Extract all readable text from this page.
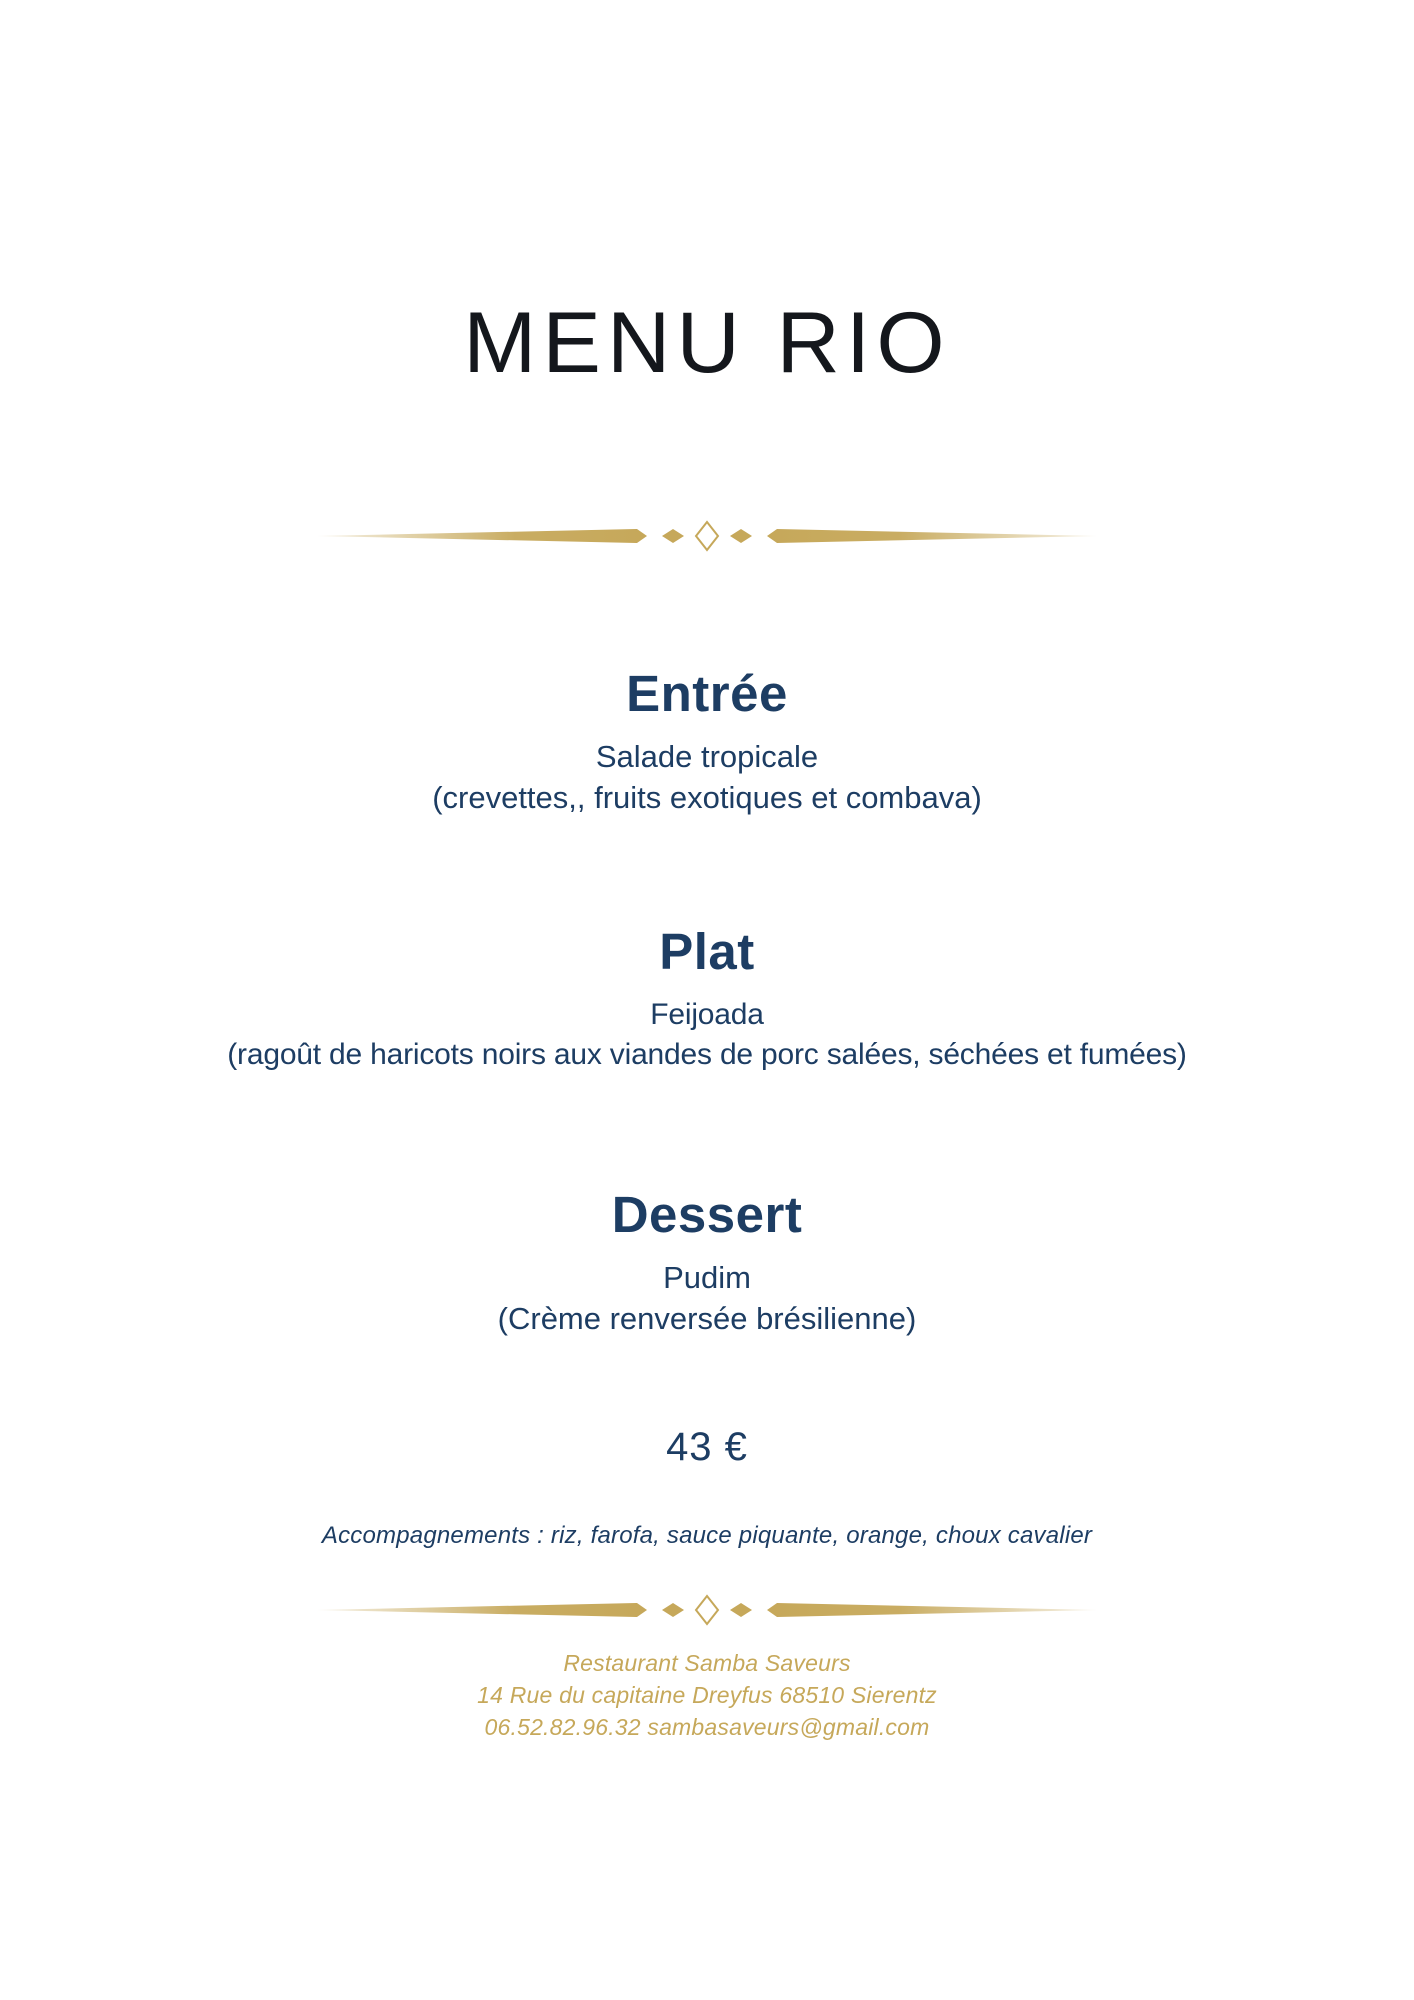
MENU RIO
Entrée
Salade tropicale
(crevettes,, fruits exotiques et combava)
Plat
Feijoada
(ragoût de haricots noirs aux viandes de porc salées, séchées et fumées)
Dessert
Pudim
(Crème renversée brésilienne)
43 €
Accompagnements : riz, farofa, sauce piquante, orange, choux cavalier
Restaurant Samba Saveurs
14 Rue du capitaine Dreyfus 68510 Sierentz
06.52.82.96.32 sambasaveurs@gmail.com
